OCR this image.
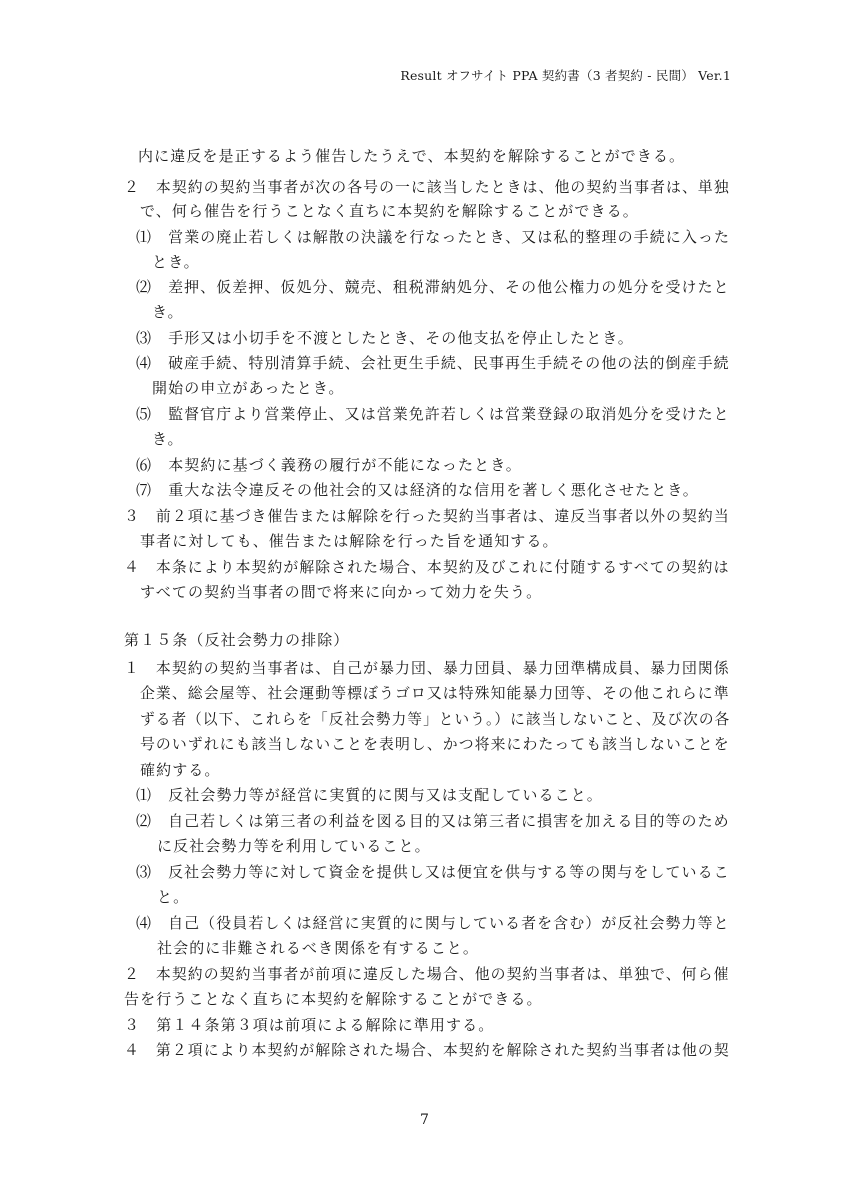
Result オフサイト PPA 契約書（3 者契約 - 民間） Ver.1
内に違反を是正するよう催告したうえで、本契約を解除することができる。
２　本契約の契約当事者が次の各号の一に該当したときは、他の契約当事者は、単独
で、何ら催告を行うことなく直ちに本契約を解除することができる。
⑴　営業の廃止若しくは解散の決議を行なったとき、又は私的整理の手続に入った
とき。
⑵　差押、仮差押、仮処分、競売、租税滞納処分、その他公権力の処分を受けたと
き。
⑶　手形又は小切手を不渡としたとき、その他支払を停止したとき。
⑷　破産手続、特別清算手続、会社更生手続、民事再生手続その他の法的倒産手続
開始の申立があったとき。
⑸　監督官庁より営業停止、又は営業免許若しくは営業登録の取消処分を受けたと
き。
⑹　本契約に基づく義務の履行が不能になったとき。
⑺　重大な法令違反その他社会的又は経済的な信用を著しく悪化させたとき。
３　前２項に基づき催告または解除を行った契約当事者は、違反当事者以外の契約当
事者に対しても、催告または解除を行った旨を通知する。
４　本条により本契約が解除された場合、本契約及びこれに付随するすべての契約は
すべての契約当事者の間で将来に向かって効力を失う。
第１５条（反社会勢力の排除）
１　本契約の契約当事者は、自己が暴力団、暴力団員、暴力団準構成員、暴力団関係
企業、総会屋等、社会運動等標ぼうゴロ又は特殊知能暴力団等、その他これらに準
ずる者（以下、これらを「反社会勢力等」という。）に該当しないこと、及び次の各
号のいずれにも該当しないことを表明し、かつ将来にわたっても該当しないことを
確約する。
⑴　反社会勢力等が経営に実質的に関与又は支配していること。
⑵　自己若しくは第三者の利益を図る目的又は第三者に損害を加える目的等のため
に反社会勢力等を利用していること。
⑶　反社会勢力等に対して資金を提供し又は便宜を供与する等の関与をしているこ
と。
⑷　自己（役員若しくは経営に実質的に関与している者を含む）が反社会勢力等と
社会的に非難されるべき関係を有すること。
２　本契約の契約当事者が前項に違反した場合、他の契約当事者は、単独で、何ら催
告を行うことなく直ちに本契約を解除することができる。
３　第１４条第３項は前項による解除に準用する。
４　第２項により本契約が解除された場合、本契約を解除された契約当事者は他の契
7
